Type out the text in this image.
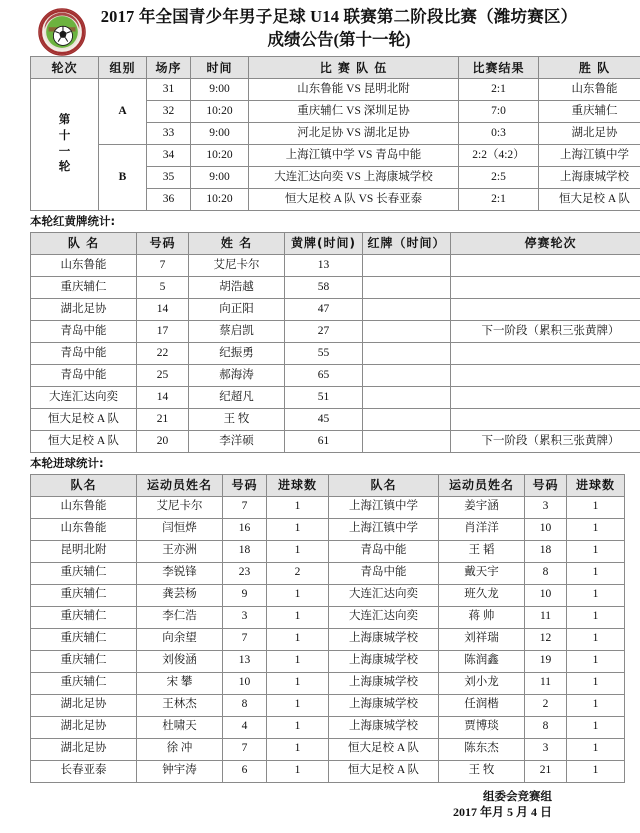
2017 年全国青少年男子足球 U14 联赛第二阶段比赛（潍坊赛区）
成绩公告(第十一轮)
轮次	组别	场序	时间	比 赛 队 伍	比赛结果	胜 队

第
十
一
轮	A	31	9:00	山东鲁能 VS 昆明北附	2:1	山东鲁能
		32	10:20	重庆辅仁 VS 深圳足协	7:0	重庆辅仁
		33	9:00	河北足协 VS 湖北足协	0:3	湖北足协
	B	34	10:20	上海江镇中学 VS 青岛中能	2:2（4:2）	上海江镇中学
		35	9:00	大连汇达向奕 VS 上海康城学校	2:5	上海康城学校
		36	10:20	恒大足校 A 队 VS 长春亚泰	2:1	恒大足校 A 队
本轮红黄牌统计:
队 名	号码	姓 名	黄牌(时间)	红牌（时间）	停赛轮次
山东鲁能	7	艾尼卡尔	13		
重庆辅仁	5	胡浩越	58		
湖北足协	14	向正阳	47		
青岛中能	17	蔡启凯	27		下一阶段（累积三张黄牌）
青岛中能	22	纪振勇	55		
青岛中能	25	郝海涛	65		
大连汇达向奕	14	纪超凡	51		
恒大足校 A 队	21	王 牧	45		
恒大足校 A 队	20	李洋硕	61		下一阶段（累积三张黄牌）
本轮进球统计:
队名	运动员姓名	号码	进球数	队名	运动员姓名	号码	进球数
山东鲁能	艾尼卡尔	7	1	上海江镇中学	姜宇涵	3	1
山东鲁能	闫恒烨	16	1	上海江镇中学	肖洋洋	10	1
昆明北附	王亦洲	18	1	青岛中能	王 韬	18	1
重庆辅仁	李锐锋	23	2	青岛中能	戴天宇	8	1
重庆辅仁	龚芸杨	9	1	大连汇达向奕	班久龙	10	1
重庆辅仁	李仁浩	3	1	大连汇达向奕	蒋 帅	11	1
重庆辅仁	向余望	7	1	上海康城学校	刘祥瑞	12	1
重庆辅仁	刘俊涵	13	1	上海康城学校	陈润鑫	19	1
重庆辅仁	宋 攀	10	1	上海康城学校	刘小龙	11	1
湖北足协	王林杰	8	1	上海康城学校	任润楷	2	1
湖北足协	杜啸天	4	1	上海康城学校	贾博琰	8	1
湖北足协	徐 冲	7	1	恒大足校 A 队	陈东杰	3	1
长春亚泰	钟宇涛	6	1	恒大足校 A 队	王 牧	21	1
组委会竞赛组
2017 年月 5 月 4 日
